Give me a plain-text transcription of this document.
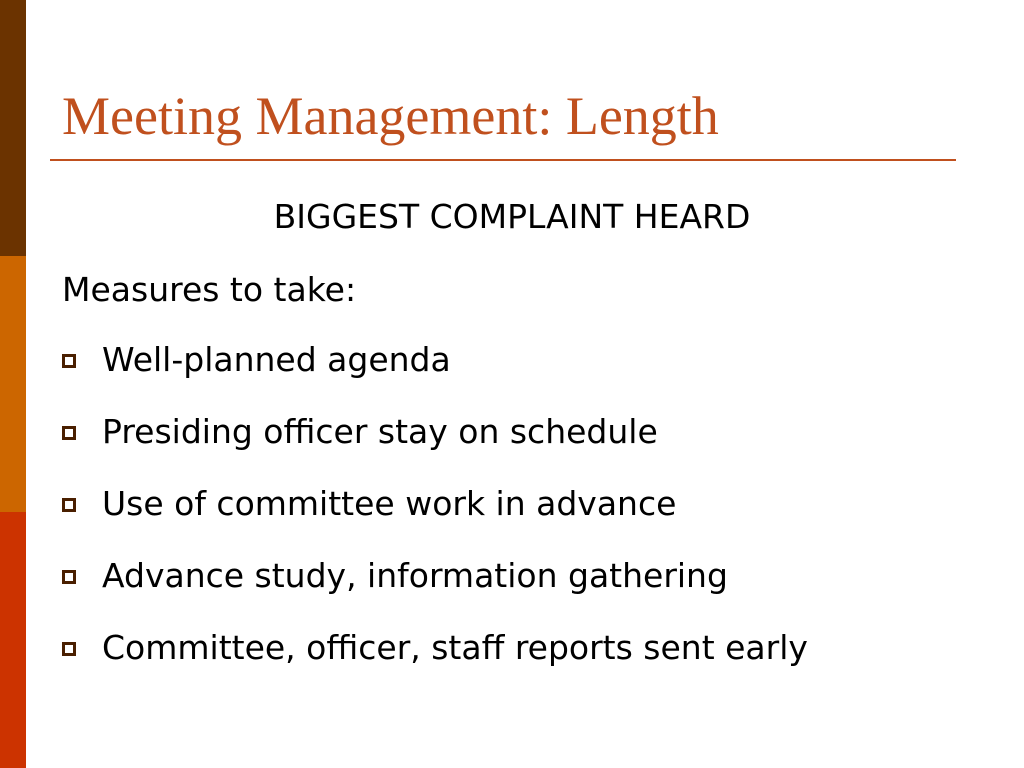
Meeting Management: Length
BIGGEST COMPLAINT HEARD
Measures to take:
Well-planned agenda
Presiding officer stay on schedule
Use of committee work in advance
Advance study, information gathering
Committee, officer, staff reports sent early
